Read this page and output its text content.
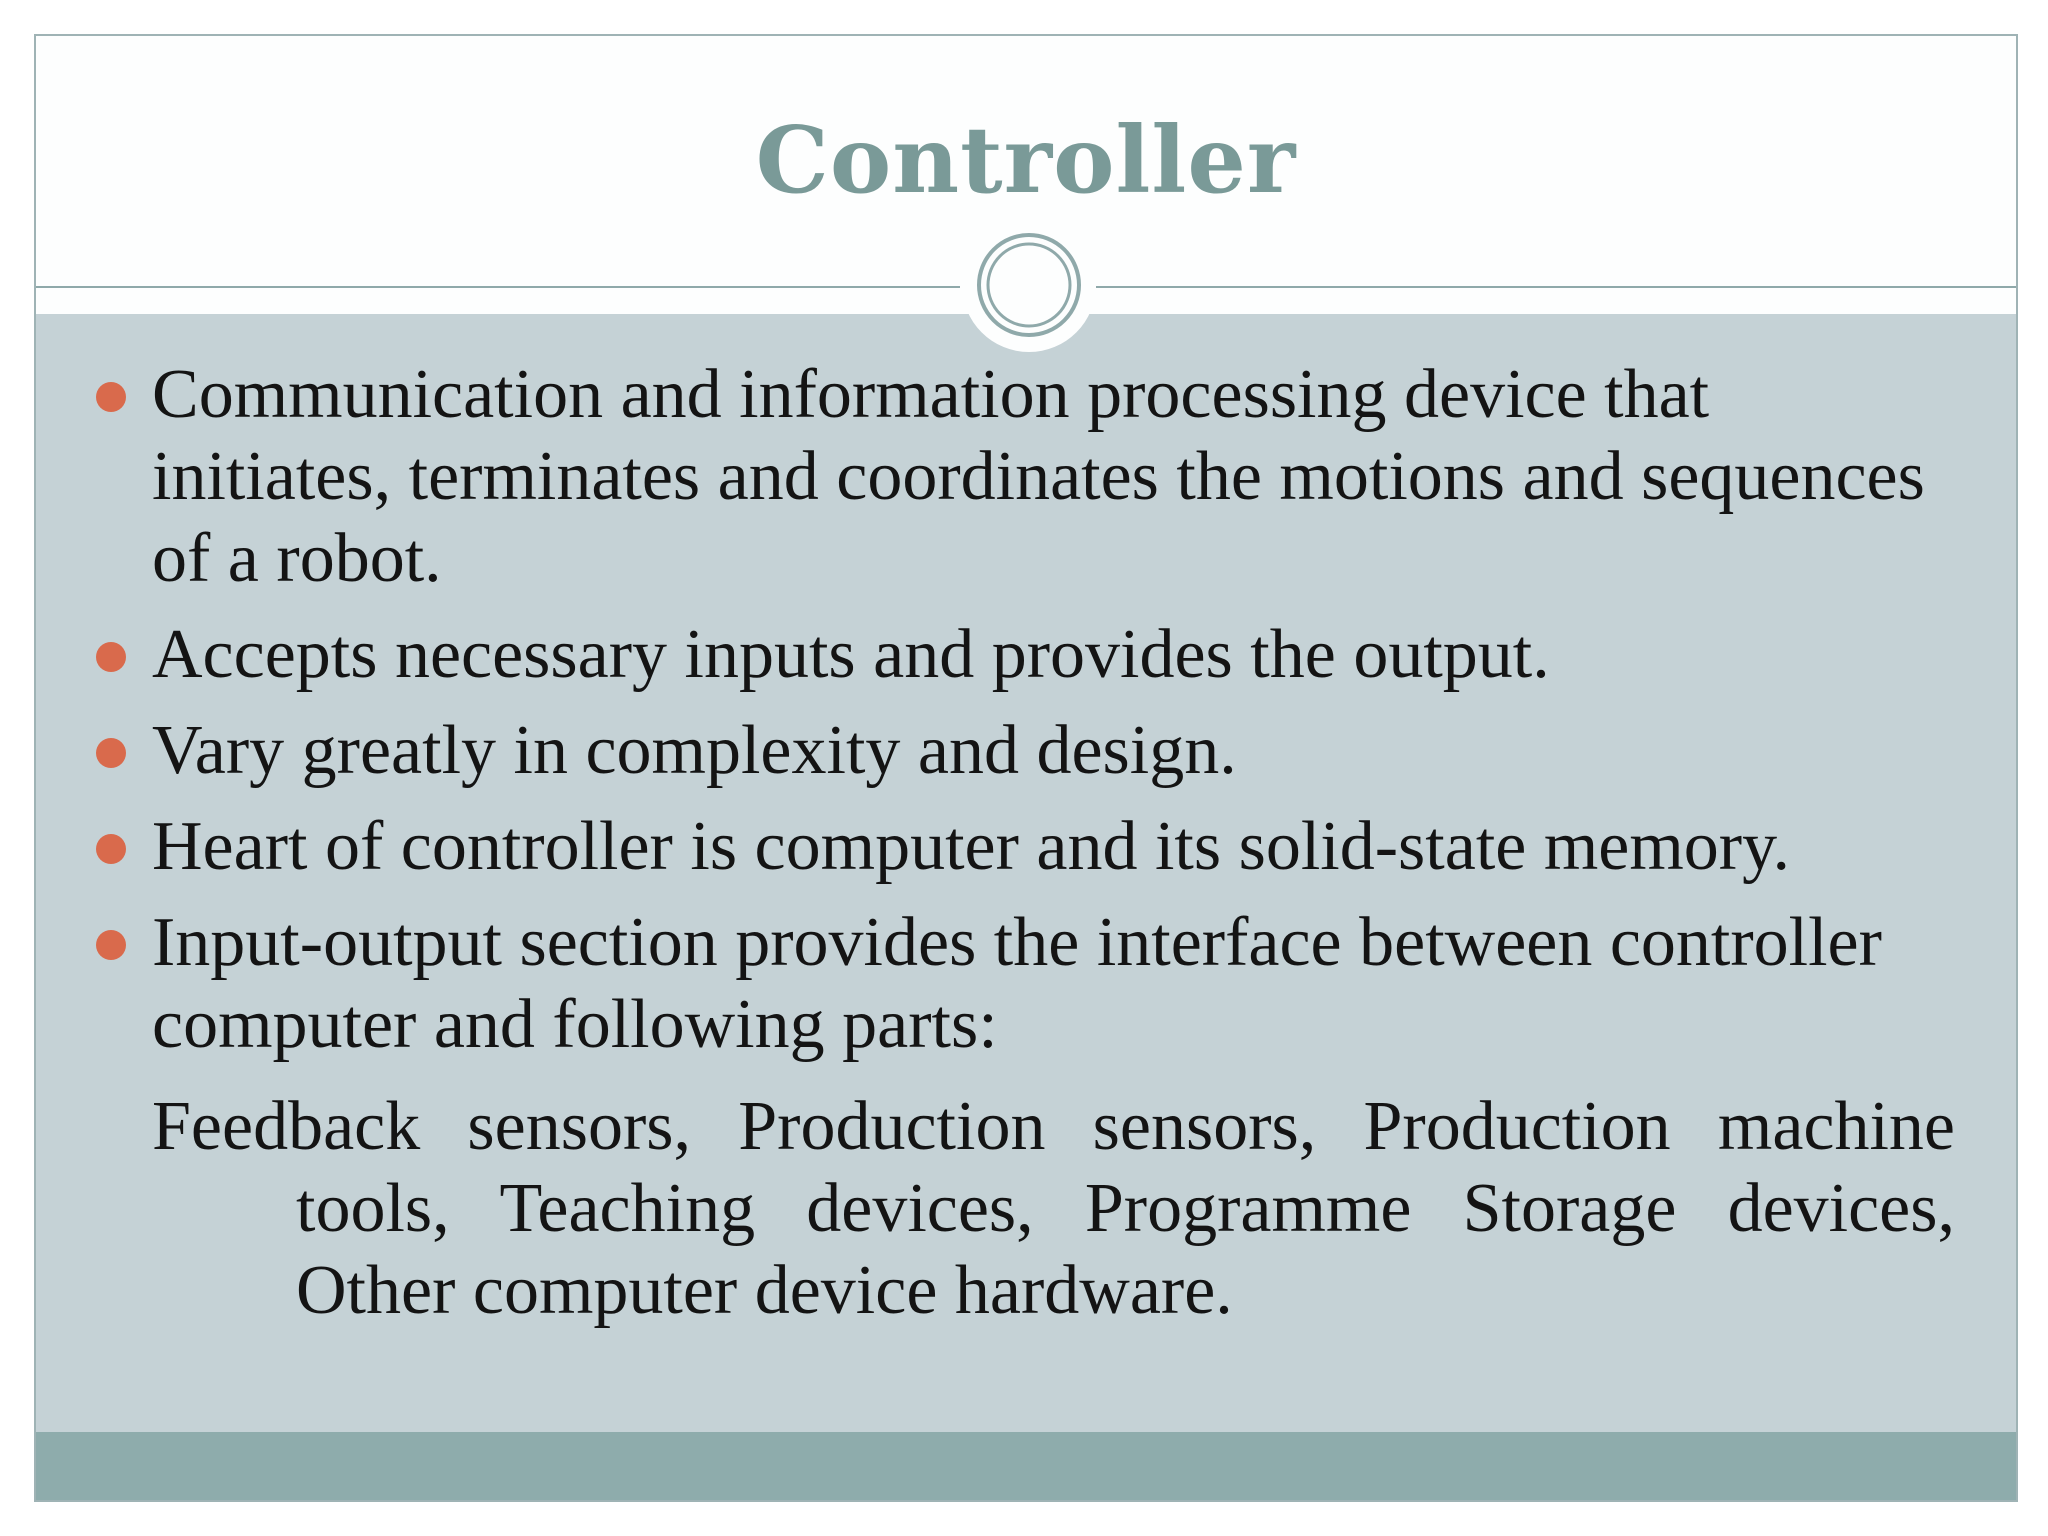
Controller
Communication and information processing device that initiates, terminates and coordinates the motions and sequences of a robot.
Accepts necessary inputs and provides the output.
Vary greatly in complexity and design.
Heart of controller is computer and its solid-state memory.
Input-output section provides the interface between controller computer and following parts:
Feedback sensors, Production sensors, Production machine tools, Teaching devices, Programme Storage devices, Other computer device hardware.
